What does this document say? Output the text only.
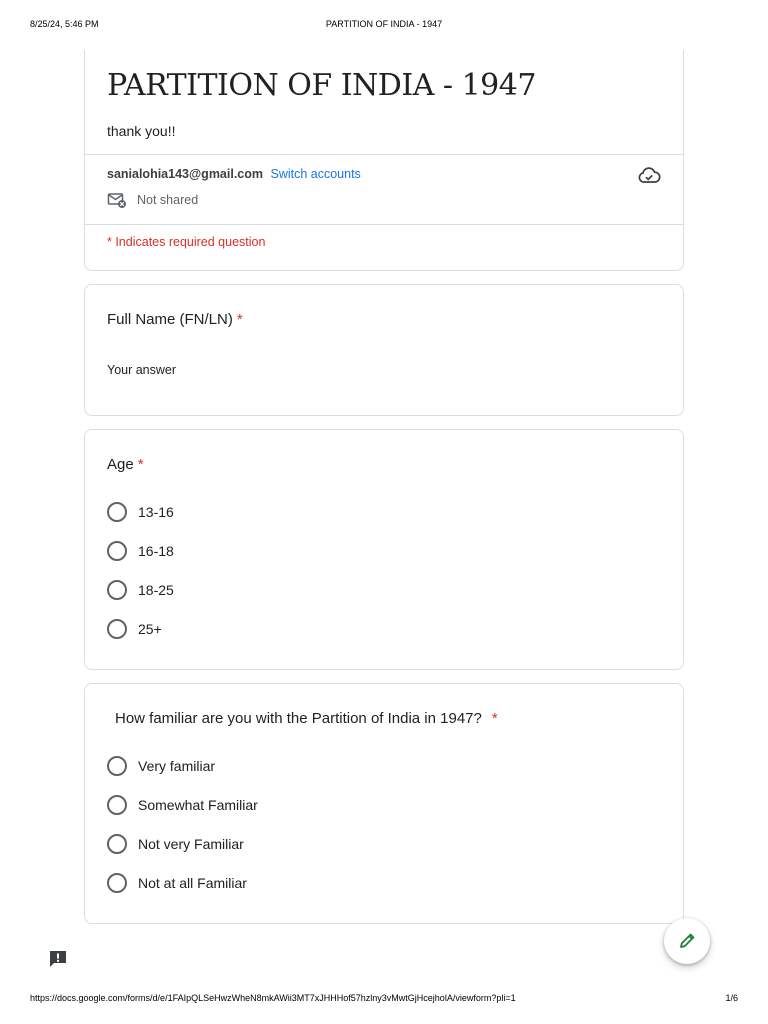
8/25/24, 5:46 PM	PARTITION OF INDIA - 1947
PARTITION OF INDIA - 1947
thank you!!
sanialohia143@gmail.com Switch accounts
Not shared
* Indicates required question
Full Name (FN/LN) *
Your answer
Age *
13-16
16-18
18-25
25+
How familiar are you with the Partition of India in 1947? *
Very familiar
Somewhat Familiar
Not very Familiar
Not at all Familiar
https://docs.google.com/forms/d/e/1FAIpQLSeHwzWheN8mkAWii3MT7xJHHHof57hzlny3vMwtGjHcejholA/viewform?pli=1	1/6
